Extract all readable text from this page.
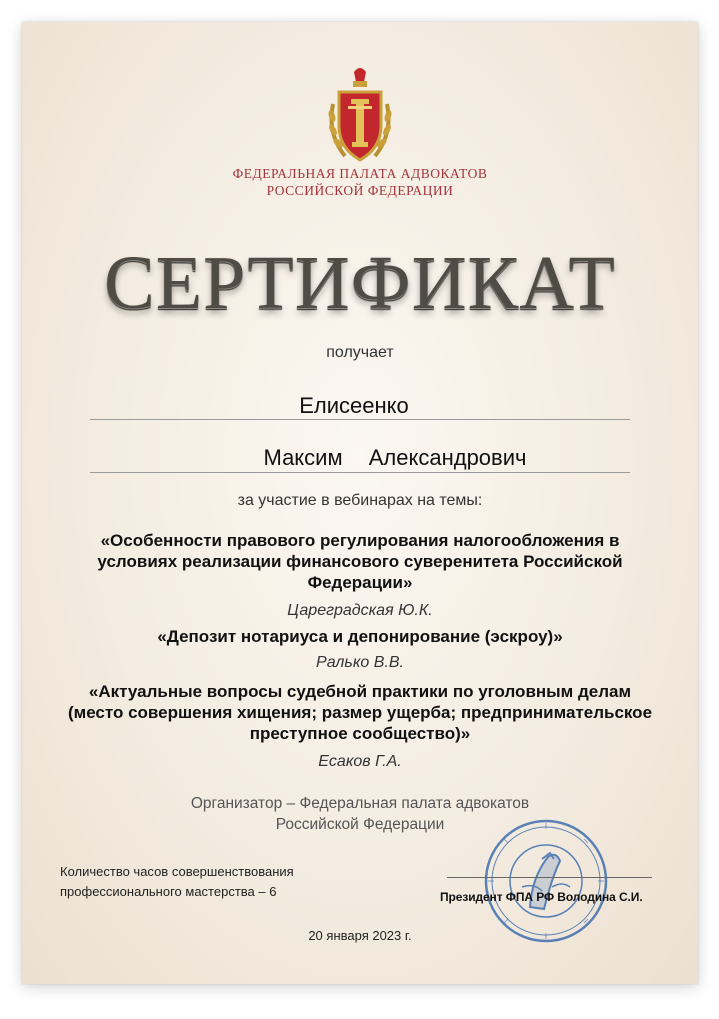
ФЕДЕРАЛЬНАЯ ПАЛАТА АДВОКАТОВ
РОССИЙСКОЙ ФЕДЕРАЦИИ
СЕРТИФИКАТ
получает
Елисеенко
Максим Александрович
за участие в вебинарах на темы:
«Особенности правового регулирования налогообложения в условиях реализации финансового суверенитета Российской Федерации»
Цареградская Ю.К.
«Депозит нотариуса и депонирование (эскроу)»
Ралько В.В.
«Актуальные вопросы судебной практики по уголовным делам (место совершения хищения; размер ущерба; предпринимательское преступное сообщество)»
Есаков Г.А.
Организатор – Федеральная палата адвокатов
Российской Федерации
Количество часов совершенствования
профессионального мастерства – 6	Президент ФПА РФ Володина С.И.
20 января 2023 г.
